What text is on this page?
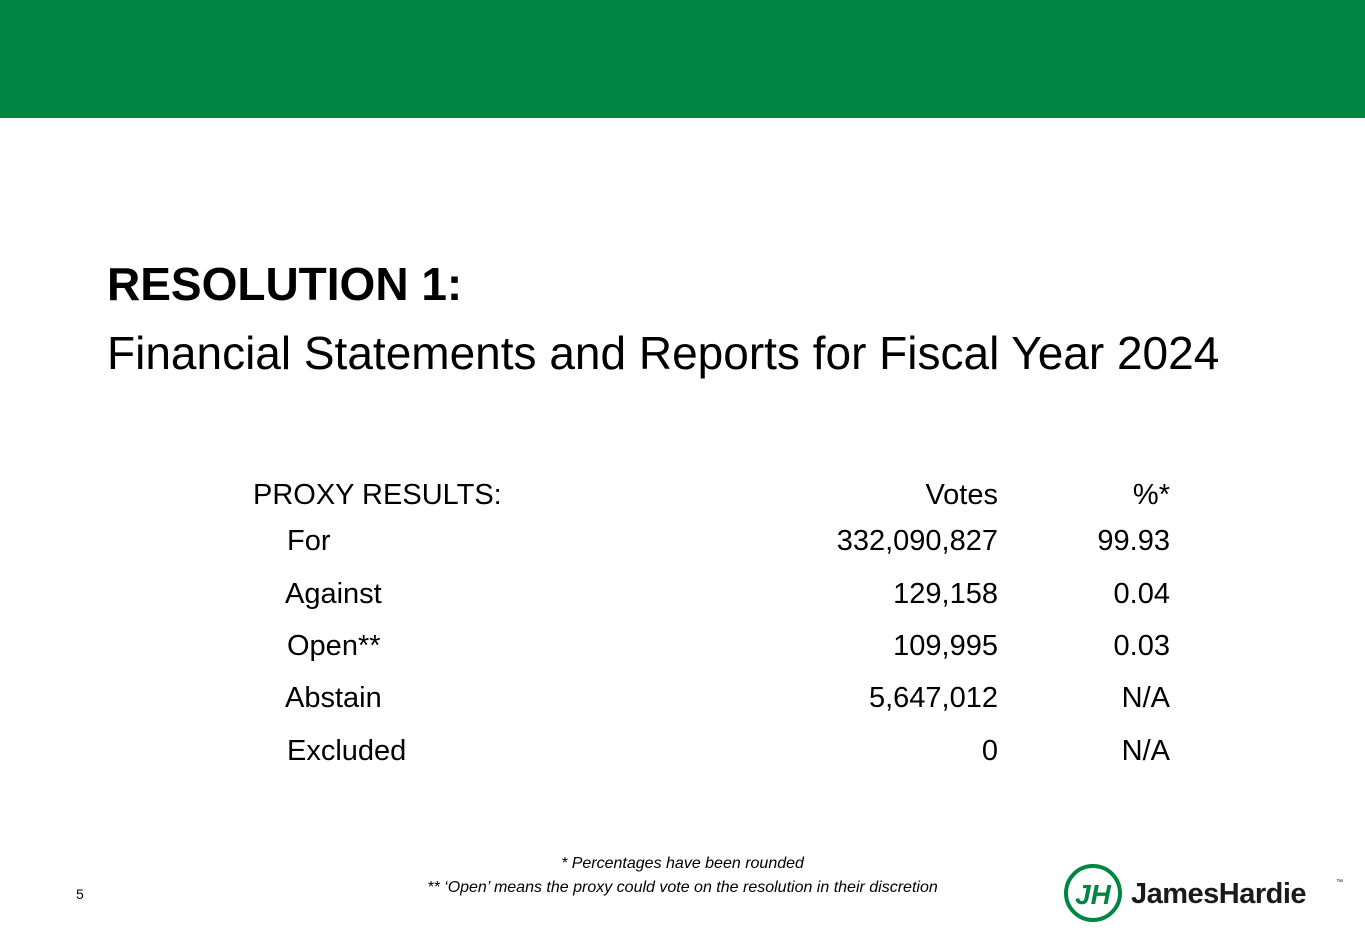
RESOLUTION 1:
Financial Statements and Reports for Fiscal Year 2024
PROXY RESULTS:	Votes	%*
For	332,090,827	99.93
Against	129,158	0.04
Open**	109,995	0.03
Abstain	5,647,012	N/A
Excluded	0	N/A
* Percentages have been rounded
** ‘Open’ means the proxy could vote on the resolution in their discretion
5	JH JamesHardie	™
